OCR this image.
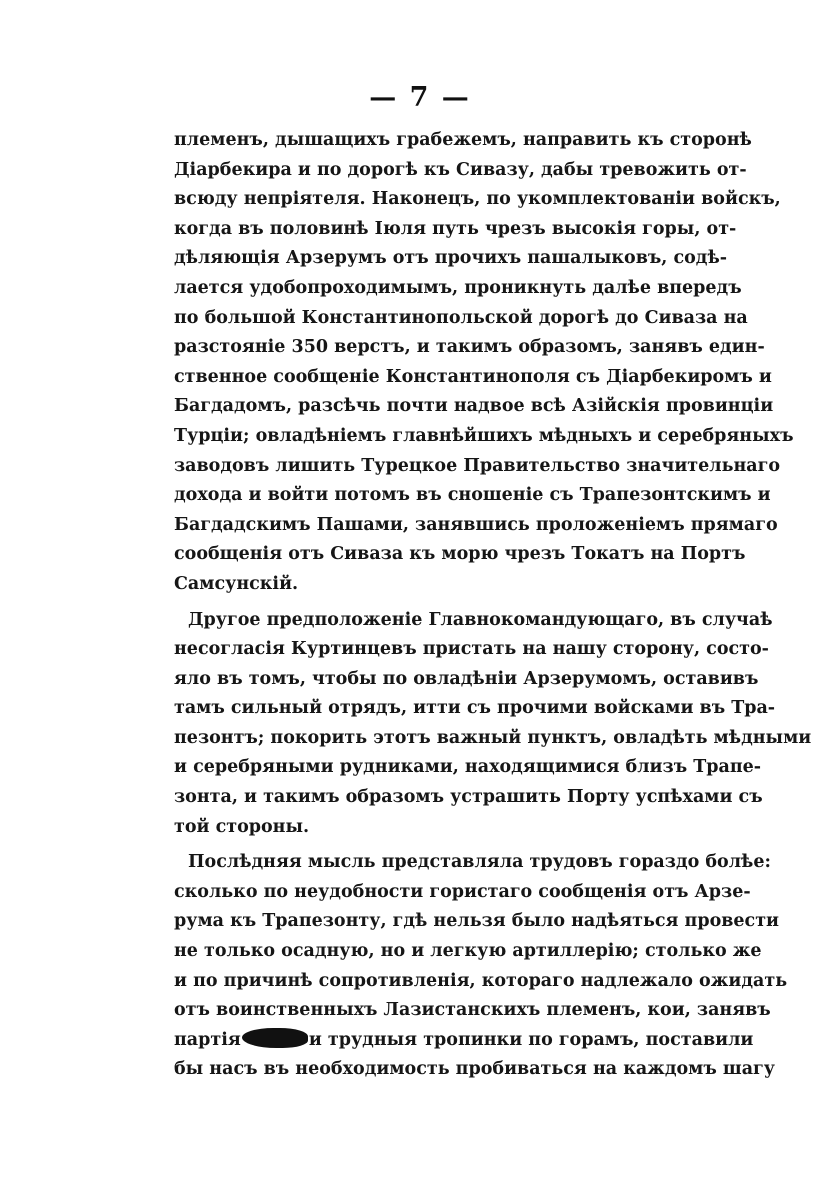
— 7 —
племенъ, дышащихъ грабежемъ, направить къ сторонѣ
Діарбекира и по дорогѣ къ Сивазу, дабы тревожить от-
всюду непріятеля. Наконецъ, по укомплектованіи войскъ,
когда въ половинѣ Іюля путь чрезъ высокія горы, от-
дѣляющія Арзерумъ отъ прочихъ пашалыковъ, содѣ-
лается удобопроходимымъ, проникнуть далѣе впередъ
по большой Константинопольской дорогѣ до Сиваза на
разстояніе 350 верстъ, и такимъ образомъ, занявъ един-
ственное сообщеніе Константинополя съ Діарбекиромъ и
Багдадомъ, разсѣчь почти надвое всѣ Азійскія провинціи
Турціи; овладѣніемъ главнѣйшихъ мѣдныхъ и серебряныхъ
заводовъ лишить Турецкое Правительство значительнаго
дохода и войти потомъ въ сношеніе съ Трапезонтскимъ и
Багдадскимъ Пашами, занявшись проложеніемъ прямаго
сообщенія отъ Сиваза къ морю чрезъ Токатъ на Портъ
Самсунскій.
Другое предположеніе Главнокомандующаго, въ случаѣ
несогласія Куртинцевъ пристать на нашу сторону, состо-
яло въ томъ, чтобы по овладѣніи Арзерумомъ, оставивъ
тамъ сильный отрядъ, итти съ прочими войсками въ Тра-
пезонтъ; покорить этотъ важный пунктъ, овладѣть мѣдными
и серебряными рудниками, находящимися близъ Трапе-
зонта, и такимъ образомъ устрашить Порту успѣхами съ
той стороны.
Послѣдняя мысль представляла трудовъ гораздо болѣе:
сколько по неудобности гористаго сообщенія отъ Арзе-
рума къ Трапезонту, гдѣ нельзя было надѣяться провести
не только осадную, но и легкую артиллерію; столько же
и по причинѣ сопротивленія, котораго надлежало ожидать
отъ воинственныхъ Лазистанскихъ племенъ, кои, занявъ
партія	и трудныя тропинки по горамъ, поставили
бы насъ въ необходимость пробиваться на каждомъ шагу
